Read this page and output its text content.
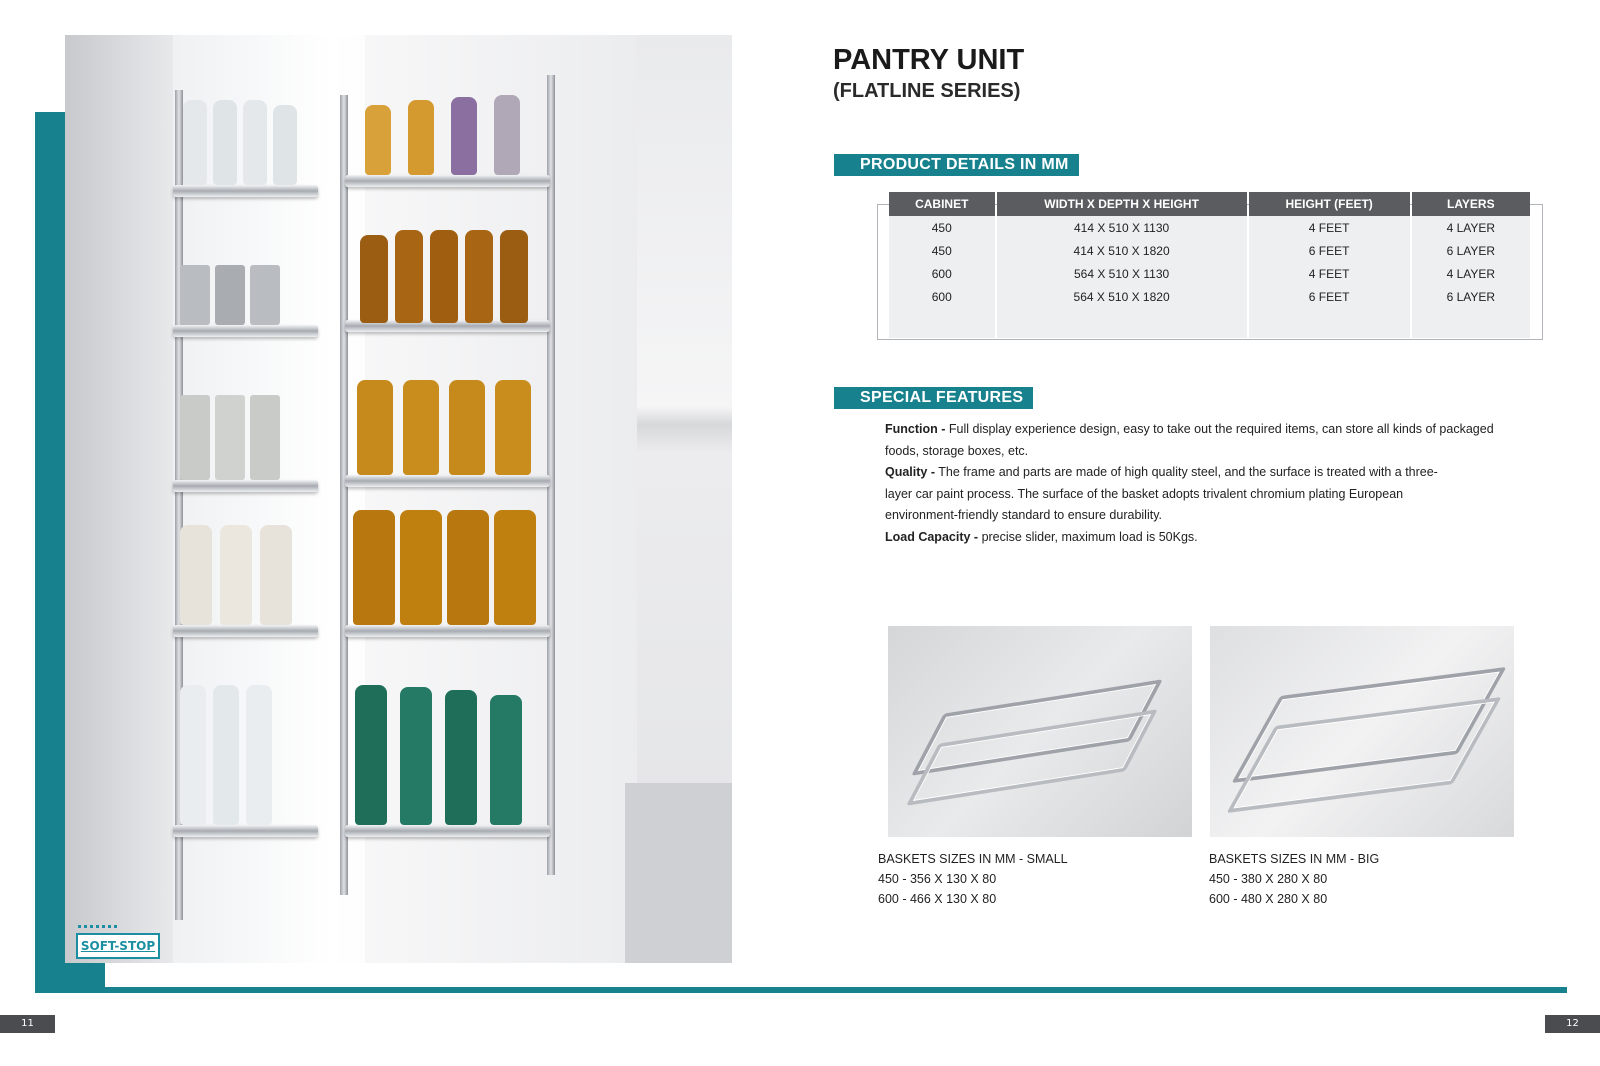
SOFT-STOP
PANTRY UNIT
(FLATLINE SERIES)
PRODUCT DETAILS IN MM
CABINET	WIDTH X DEPTH X HEIGHT	HEIGHT (FEET)	LAYERS
450	414 X 510 X 1130	4 FEET	4 LAYER
450	414 X 510 X 1820	6 FEET	6 LAYER
600	564 X 510 X 1130	4 FEET	4 LAYER
600	564 X 510 X 1820	6 FEET	6 LAYER

SPECIAL FEATURES
Function - Full display experience design, easy to take out the required items, can store all kinds of packaged foods, storage boxes, etc.
Quality - The frame and parts are made of high quality steel, and the surface is treated with a three-layer car paint process. The surface of the basket adopts trivalent chromium plating European environment-friendly standard to ensure durability.
Load Capacity - precise slider, maximum load is 50Kgs.
BASKETS SIZES IN MM - SMALL
450 - 356 X 130 X 80
600 - 466 X 130 X 80
BASKETS SIZES IN MM - BIG
450 - 380 X 280 X 80
600 - 480 X 280 X 80
11	12
